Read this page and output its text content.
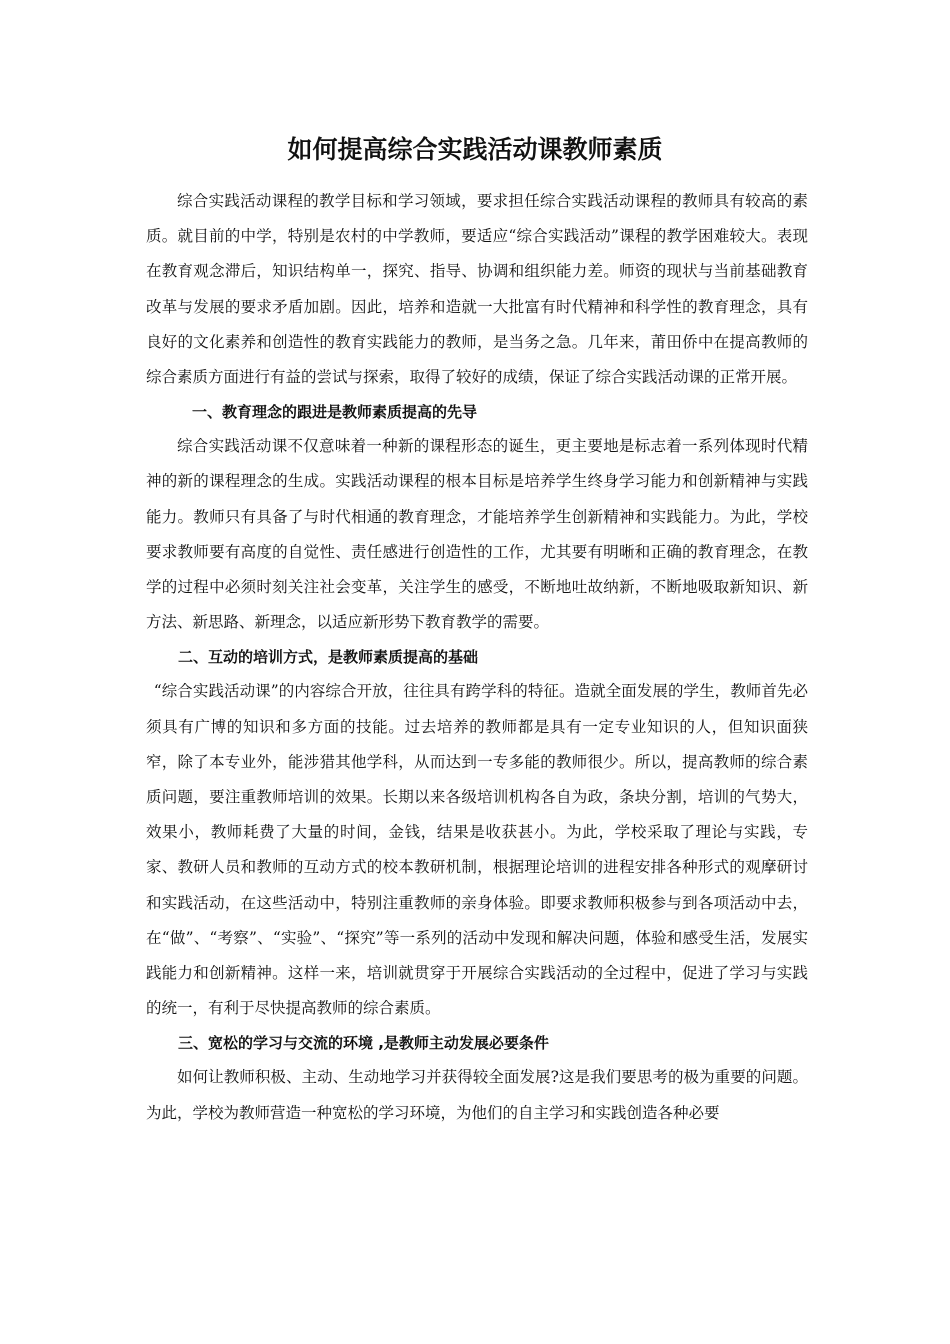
如何提高综合实践活动课教师素质

综合实践活动课程的教学目标和学习领域，要求担任综合实践活动课程的教师具有较高的素质。就目前的中学，特别是农村的中学教师，要适应“综合实践活动”课程的教学困难较大。表现在教育观念滞后，知识结构单一，探究、指导、协调和组织能力差。师资的现状与当前基础教育改革与发展的要求矛盾加剧。因此，培养和造就一大批富有时代精神和科学性的教育理念，具有良好的文化素养和创造性的教育实践能力的教师，是当务之急。几年来，莆田侨中在提高教师的综合素质方面进行有益的尝试与探索，取得了较好的成绩，保证了综合实践活动课的正常开展。

一、教育理念的跟进是教师素质提高的先导

综合实践活动课不仅意味着一种新的课程形态的诞生，更主要地是标志着一系列体现时代精神的新的课程理念的生成。实践活动课程的根本目标是培养学生终身学习能力和创新精神与实践能力。教师只有具备了与时代相通的教育理念，才能培养学生创新精神和实践能力。为此，学校要求教师要有高度的自觉性、责任感进行创造性的工作，尤其要有明晰和正确的教育理念，在教学的过程中必须时刻关注社会变革，关注学生的感受，不断地吐故纳新，不断地吸取新知识、新方法、新思路、新理念，以适应新形势下教育教学的需要。

二、互动的培训方式，是教师素质提高的基础

“综合实践活动课”的内容综合开放，往往具有跨学科的特征。造就全面发展的学生，教师首先必须具有广博的知识和多方面的技能。过去培养的教师都是具有一定专业知识的人，但知识面狭窄，除了本专业外，能涉猎其他学科，从而达到一专多能的教师很少。所以，提高教师的综合素质问题，要注重教师培训的效果。长期以来各级培训机构各自为政，条块分割，培训的气势大，效果小，教师耗费了大量的时间，金钱，结果是收获甚小。为此，学校采取了理论与实践，专家、教研人员和教师的互动方式的校本教研机制，根据理论培训的进程安排各种形式的观摩研讨和实践活动，在这些活动中，特别注重教师的亲身体验。即要求教师积极参与到各项活动中去，在“做”、“考察”、“实验”、“探究”等一系列的活动中发现和解决问题，体验和感受生活，发展实践能力和创新精神。这样一来，培训就贯穿于开展综合实践活动的全过程中，促进了学习与实践的统一，有利于尽快提高教师的综合素质。

三、宽松的学习与交流的环境 ,是教师主动发展必要条件

如何让教师积极、主动、生动地学习并获得较全面发展?这是我们要思考的极为重要的问题。为此，学校为教师营造一种宽松的学习环境，为他们的自主学习和实践创造各种必要
